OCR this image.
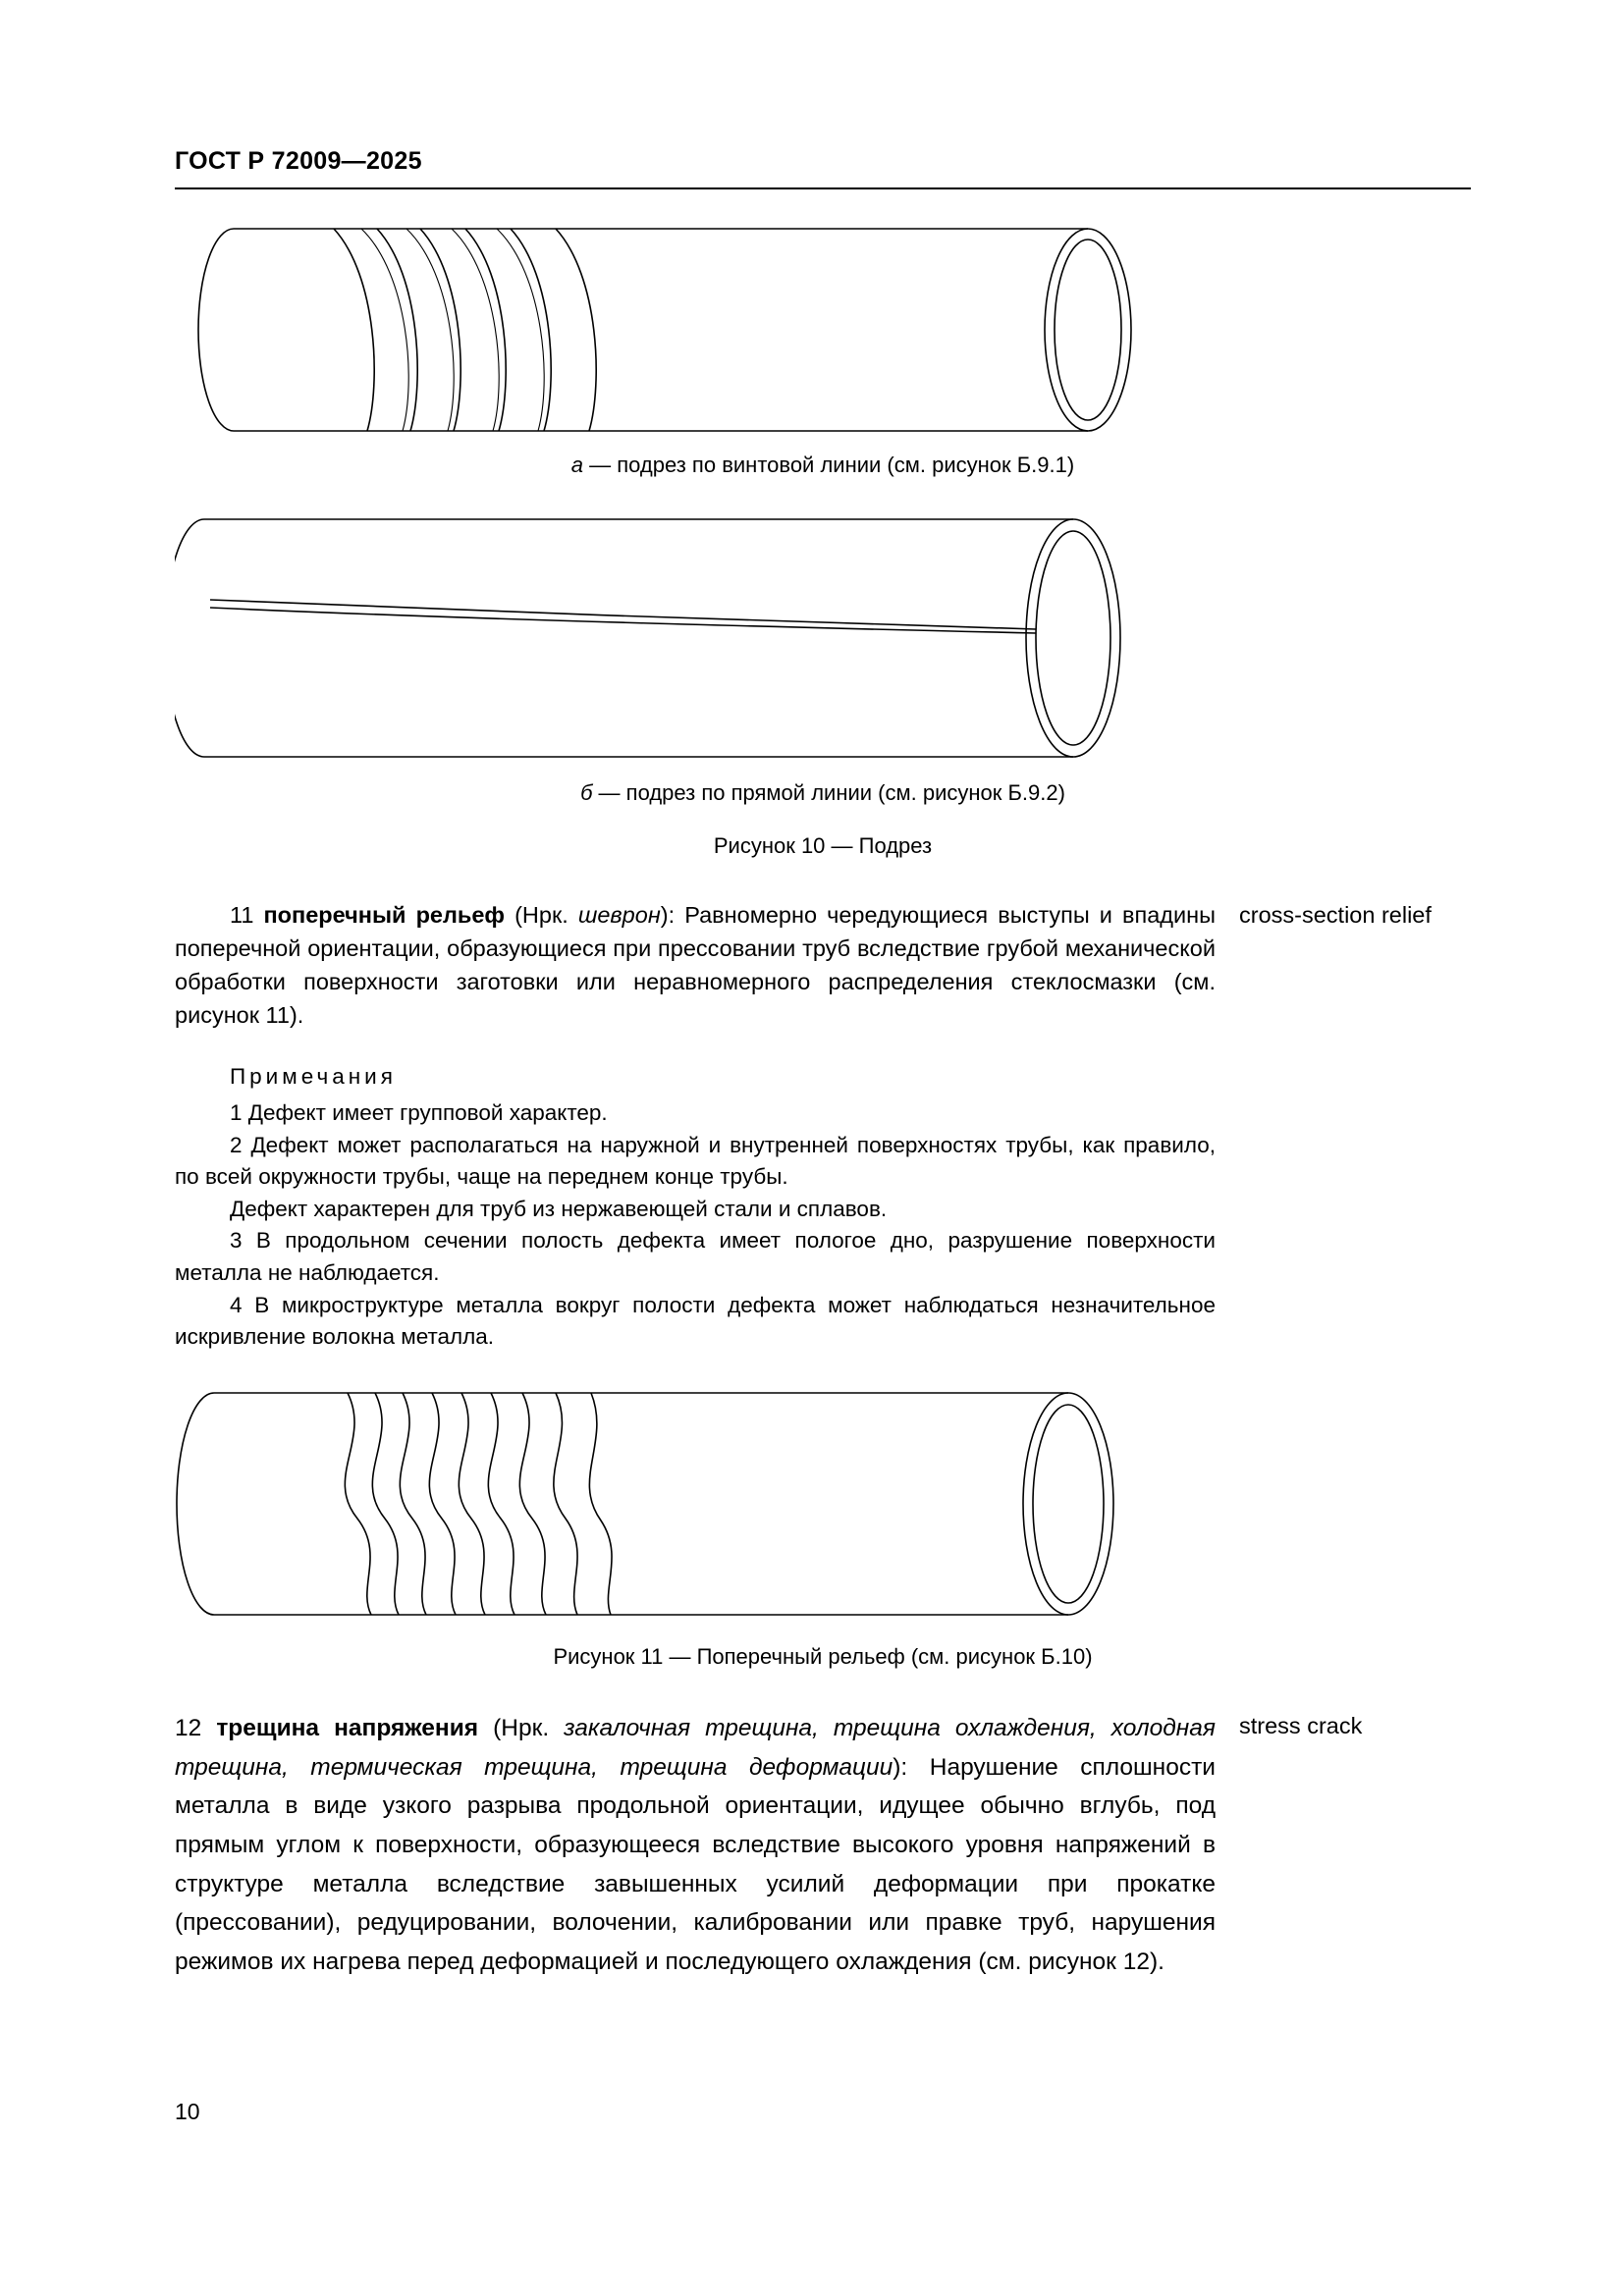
ГОСТ Р 72009—2025
а — подрез по винтовой линии (см. рисунок Б.9.1)
б — подрез по прямой линии (см. рисунок Б.9.2)
Рисунок 10 — Подрез

11 поперечный рельеф (Нрк. шеврон): Равномерно чередующиеся выступы и впадины поперечной ориентации, образующиеся при прессовании труб вследствие грубой механической обработки поверхности заготовки или неравномерного распределения стеклосмазки (см. рисунок 11).

cross-section relief
Примечания

1 Дефект имеет групповой характер.

2 Дефект может располагаться на наружной и внутренней поверхностях трубы, как правило, по всей окружности трубы, чаще на переднем конце трубы.

Дефект характерен для труб из нержавеющей стали и сплавов.

3 В продольном сечении полость дефекта имеет пологое дно, разрушение поверхности металла не наблюдается.

4 В микроструктуре металла вокруг полости дефекта может наблюдаться незначительное искривление волокна металла.

Рисунок 11 — Поперечный рельеф (см. рисунок Б.10)

12 трещина напряжения (Нрк. закалочная трещина, трещина охлаждения, холодная трещина, термическая трещина, трещина деформации): Нарушение сплошности металла в виде узкого разрыва продольной ориентации, идущее обычно вглубь, под прямым углом к поверхности, образующееся вследствие высокого уровня напряжений в структуре металла вследствие завышенных усилий деформации при прокатке (прессовании), редуцировании, волочении, калибровании или правке труб, нарушения режимов их нагрева перед деформацией и последующего охлаждения (см. рисунок 12).

stress crack
10
